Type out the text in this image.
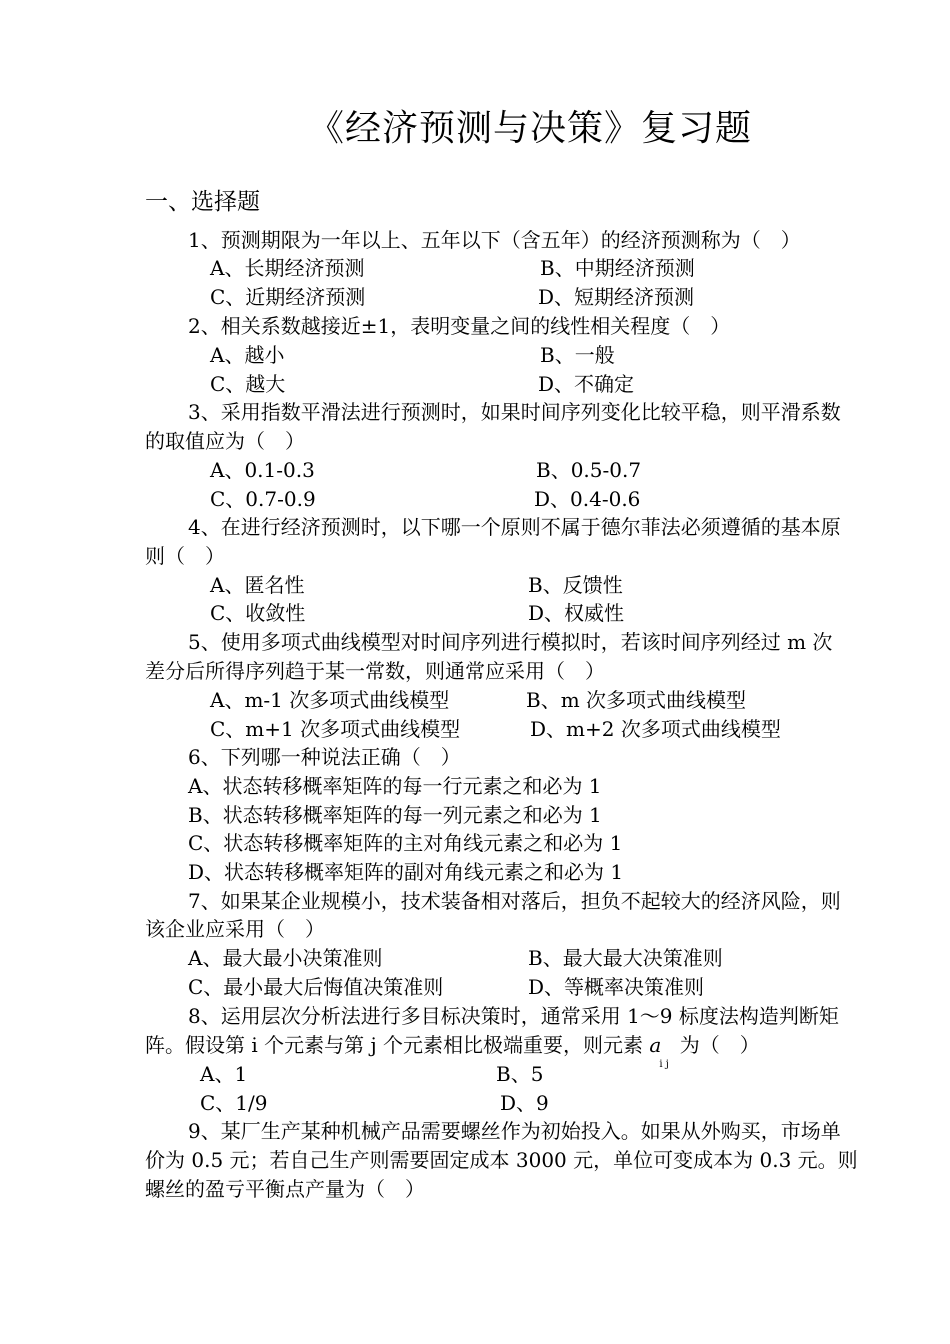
《经济预测与决策》复习题
一、选择题
1、预测期限为一年以上、五年以下（含五年）的经济预测称为（　）
A、长期经济预测	B、中期经济预测
C、近期经济预测	D、短期经济预测
2、相关系数越接近±1，表明变量之间的线性相关程度（　）
A、越小	B、一般
C、越大	D、不确定
3、采用指数平滑法进行预测时，如果时间序列变化比较平稳，则平滑系数
的取值应为（　）
A、0.1-0.3	B、0.5-0.7
C、0.7-0.9	D、0.4-0.6
4、在进行经济预测时，以下哪一个原则不属于德尔菲法必须遵循的基本原
则（　）
A、匿名性	B、反馈性
C、收敛性	D、权威性
5、使用多项式曲线模型对时间序列进行模拟时，若该时间序列经过 m 次
差分后所得序列趋于某一常数，则通常应采用（　）
A、m-1 次多项式曲线模型	B、m 次多项式曲线模型
C、m+1 次多项式曲线模型	D、m+2 次多项式曲线模型
6、下列哪一种说法正确（　）
A、状态转移概率矩阵的每一行元素之和必为 1
B、状态转移概率矩阵的每一列元素之和必为 1
C、状态转移概率矩阵的主对角线元素之和必为 1
D、状态转移概率矩阵的副对角线元素之和必为 1
7、如果某企业规模小，技术装备相对落后，担负不起较大的经济风险，则
该企业应采用（　）
A、最大最小决策准则	B、最大最大决策准则
C、最小最大后悔值决策准则	D、等概率决策准则
8、运用层次分析法进行多目标决策时，通常采用 1～9 标度法构造判断矩
阵。假设第 i 个元素与第 j 个元素相比极端重要，则元素 a
i j
为（　）
A、1	B、5
C、1/9	D、9
9、某厂生产某种机械产品需要螺丝作为初始投入。如果从外购买，市场单
价为 0.5 元；若自己生产则需要固定成本 3000 元，单位可变成本为 0.3 元。则
螺丝的盈亏平衡点产量为（　）
